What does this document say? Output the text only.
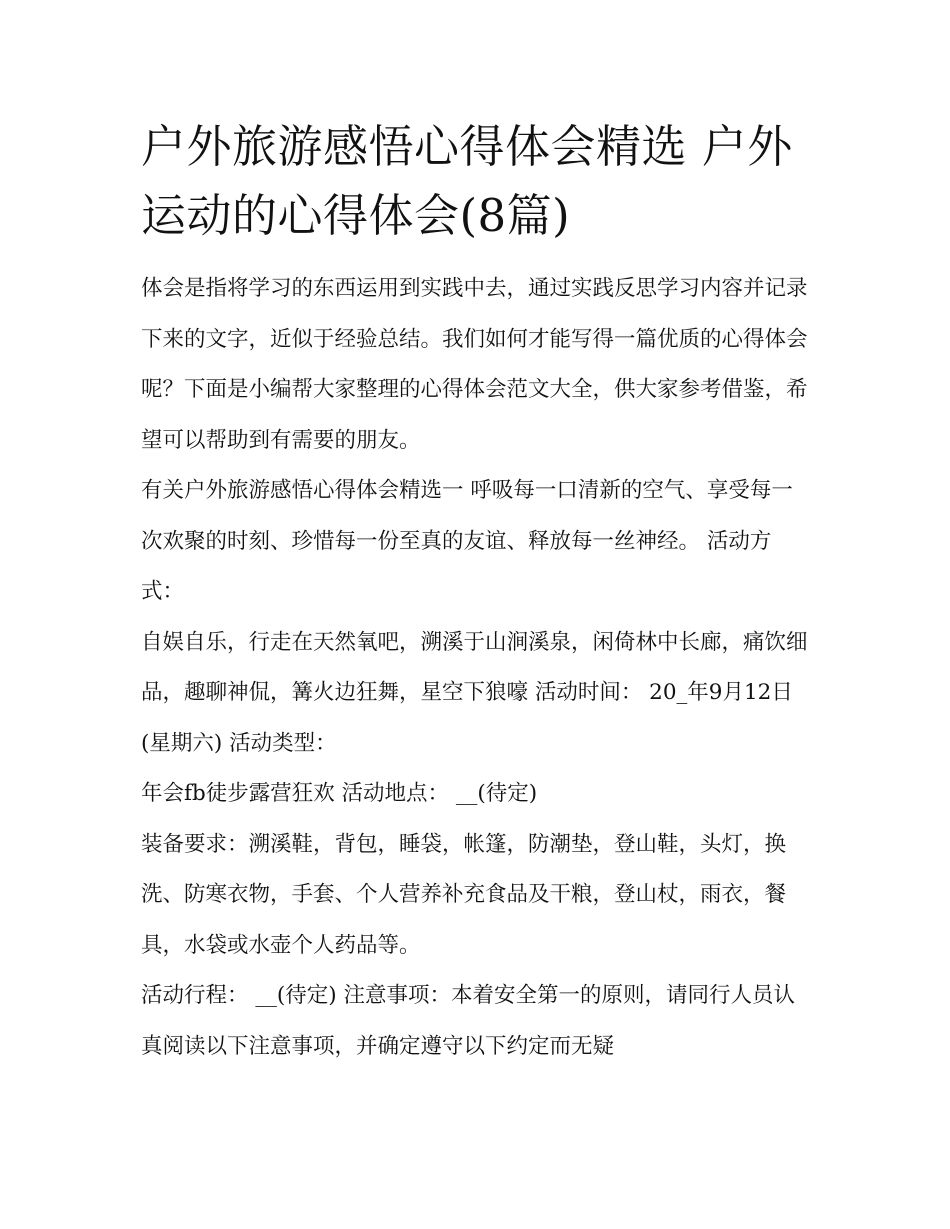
户外旅游感悟心得体会精选 户外运动的心得体会(8篇)

体会是指将学习的东西运用到实践中去，通过实践反思学习内容并记录下来的文字，近似于经验总结。我们如何才能写得一篇优质的心得体会呢？下面是小编帮大家整理的心得体会范文大全，供大家参考借鉴，希望可以帮助到有需要的朋友。

有关户外旅游感悟心得体会精选一 呼吸每一口清新的空气、享受每一次欢聚的时刻、珍惜每一份至真的友谊、释放每一丝神经。 活动方式：

自娱自乐，行走在天然氧吧，溯溪于山涧溪泉，闲倚林中长廊，痛饮细品，趣聊神侃，篝火边狂舞，星空下狼嚎 活动时间： 20_年9月12日(星期六) 活动类型：

年会fb徒步露营狂欢 活动地点： __(待定)

装备要求：溯溪鞋，背包，睡袋，帐篷，防潮垫，登山鞋，头灯，换洗、防寒衣物，手套、个人营养补充食品及干粮，登山杖，雨衣，餐具，水袋或水壶个人药品等。

活动行程： __(待定) 注意事项：本着安全第一的原则，请同行人员认真阅读以下注意事项，并确定遵守以下约定而无疑
